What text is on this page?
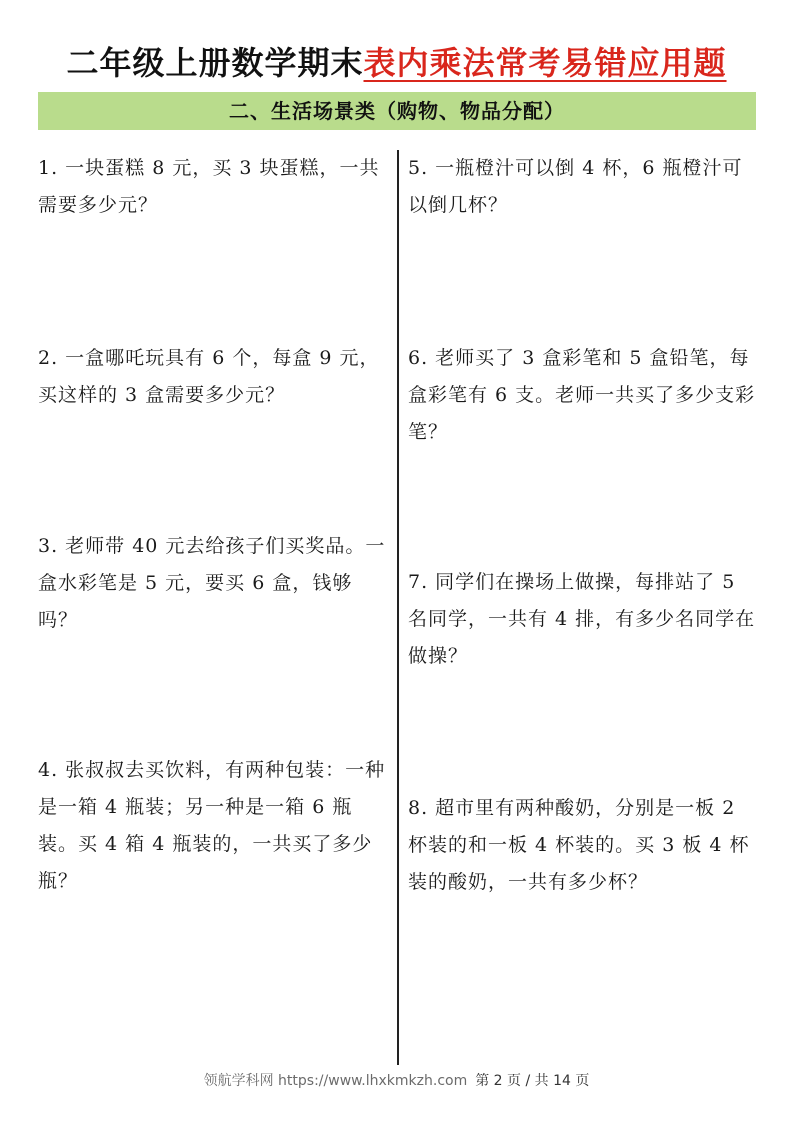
二年级上册数学期末表内乘法常考易错应用题
二、生活场景类（购物、物品分配）
1. 一块蛋糕 8 元，买 3 块蛋糕，一共需要多少元？
2. 一盒哪吒玩具有 6 个，每盒 9 元，买这样的 3 盒需要多少元？
3. 老师带 40 元去给孩子们买奖品。一盒水彩笔是 5 元，要买 6 盒，钱够吗？
4. 张叔叔去买饮料，有两种包装：一种是一箱 4 瓶装；另一种是一箱 6 瓶装。买 4 箱 4 瓶装的，一共买了多少瓶？
5. 一瓶橙汁可以倒 4 杯，6 瓶橙汁可以倒几杯？
6. 老师买了 3 盒彩笔和 5 盒铅笔，每盒彩笔有 6 支。老师一共买了多少支彩笔？
7. 同学们在操场上做操，每排站了 5 名同学，一共有 4 排，有多少名同学在做操？
8. 超市里有两种酸奶，分别是一板 2 杯装的和一板 4 杯装的。买 3 板 4 杯装的酸奶，一共有多少杯？
领航学科网 https://www.lhxkmkzh.com 第 2 页 / 共 14 页
